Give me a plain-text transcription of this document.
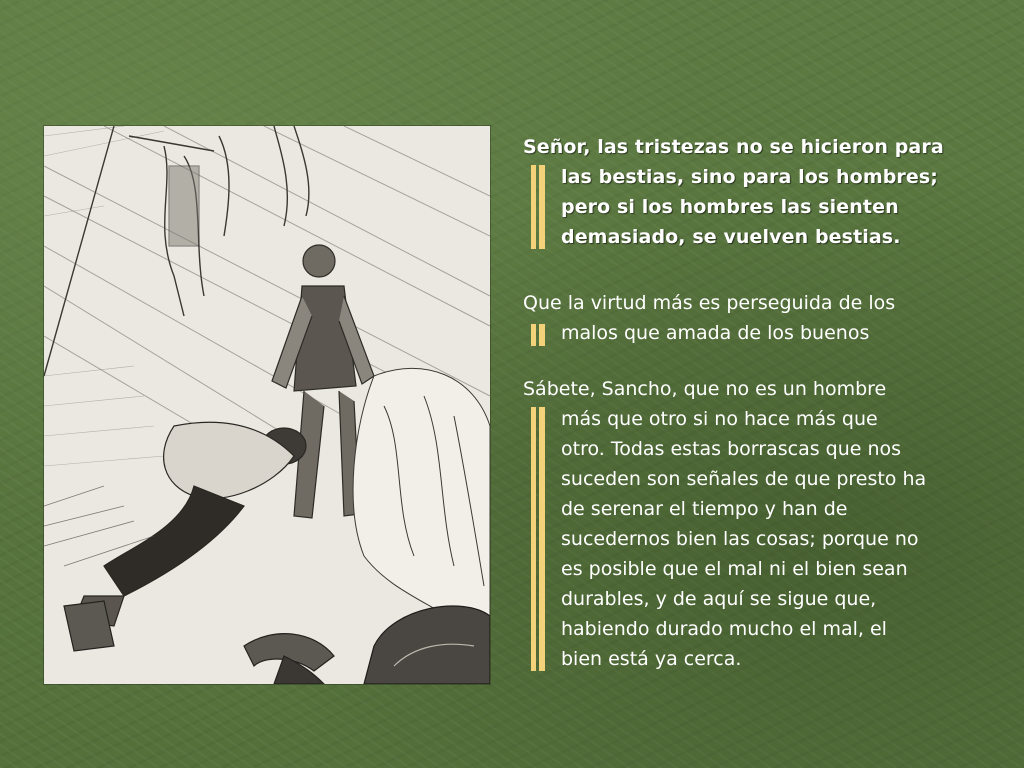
Señor, las tristezas no se hicieron para

las bestias, sino para los hombres;
pero si los hombres las sienten
demasiado, se vuelven bestias.

Que la virtud más es perseguida de los

malos que amada de los buenos

Sábete, Sancho, que no es un hombre

más que otro si no hace más que
otro. Todas estas borrascas que nos
suceden son señales de que presto ha
de serenar el tiempo y han de
sucedernos bien las cosas; porque no
es posible que el mal ni el bien sean
durables, y de aquí se sigue que,
habiendo durado mucho el mal, el
bien está ya cerca.
